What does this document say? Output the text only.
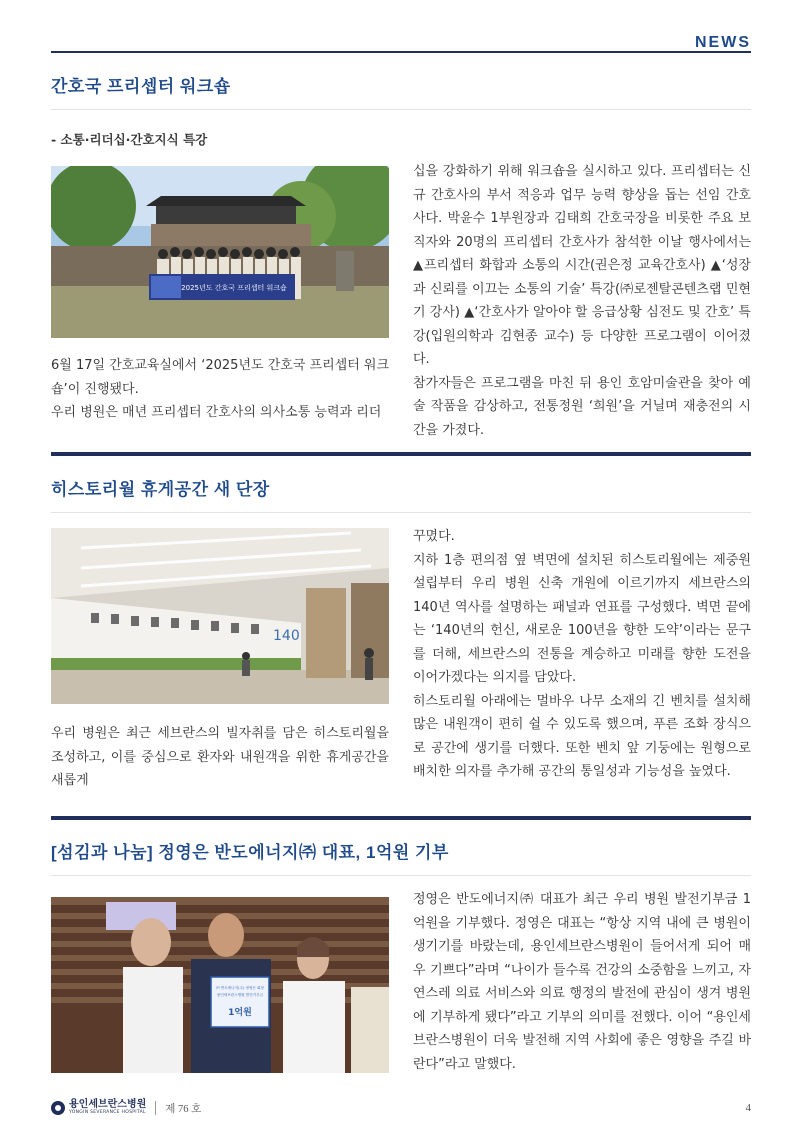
NEWS
간호국 프리셉터 워크숍
- 소통·리더십·간호지식 특강
2025년도 간호국 프리셉터 워크숍

6월 17일 간호교육실에서 ‘2025년도 간호국 프리셉터 워크숍’이 진행됐다.

우리 병원은 매년 프리셉터 간호사의 의사소통 능력과 리더

십을 강화하기 위해 워크숍을 실시하고 있다. 프리셉터는 신규 간호사의 부서 적응과 업무 능력 향상을 돕는 선임 간호사다. 박윤수 1부원장과 김태희 간호국장을 비롯한 주요 보직자와 20명의 프리셉터 간호사가 참석한 이날 행사에서는 ▲프리셉터 화합과 소통의 시간(권은정 교육간호사) ▲‘성장과 신뢰를 이끄는 소통의 기술’ 특강(㈜로젠탈콘텐츠랩 민현기 강사) ▲‘간호사가 알아야 할 응급상황 심전도 및 간호’ 특강(입원의학과 김현종 교수) 등 다양한 프로그램이 이어졌다.

참가자들은 프로그램을 마친 뒤 용인 호암미술관을 찾아 예술 작품을 감상하고, 전통정원 ‘희원’을 거닐며 재충전의 시간을 가졌다.

히스토리월 휴게공간 새 단장
140

우리 병원은 최근 세브란스의 빌자취를 담은 히스토리월을 조성하고, 이를 중심으로 환자와 내원객을 위한 휴게공간을 새롭게

꾸몄다.

지하 1층 편의점 옆 벽면에 설치된 히스토리월에는 제중원 설립부터 우리 병원 신축 개원에 이르기까지 세브란스의 140년 역사를 설명하는 패널과 연표를 구성했다. 벽면 끝에는 ‘140년의 헌신, 새로운 100년을 향한 도약’이라는 문구를 더해, 세브란스의 전통을 계승하고 미래를 향한 도전을 이어가겠다는 의지를 담았다.

히스토리월 아래에는 멀바우 나무 소재의 긴 벤치를 설치해 많은 내원객이 편히 쉴 수 있도록 했으며, 푸른 조화 장식으로 공간에 생기를 더했다. 또한 벤치 앞 기둥에는 원형으로 배치한 의자를 추가해 공간의 통일성과 기능성을 높였다.

[섬김과 나눔] 정영은 반도에너지㈜ 대표, 1억원 기부
㈜ 반도에너지(주) 정영은 회장
용인세브란스병원 발전기부금
1억원

정영은 반도에너지㈜ 대표가 최근 우리 병원 발전기부금 1억원을 기부했다. 정영은 대표는 “항상 지역 내에 큰 병원이 생기기를 바랐는데, 용인세브란스병원이 들어서게 되어 매우 기쁘다”라며 “나이가 들수록 건강의 소중함을 느끼고, 자연스레 의료 서비스와 의료 행정의 발전에 관심이 생겨 병원에 기부하게 됐다”라고 기부의 의미를 전했다. 이어 “용인세브란스병원이 더욱 발전해 지역 사회에 좋은 영향을 주길 바란다”라고 말했다.

용인세브란스병원
YONGIN SEVERANCE HOSPITAL 제 76 호	4
